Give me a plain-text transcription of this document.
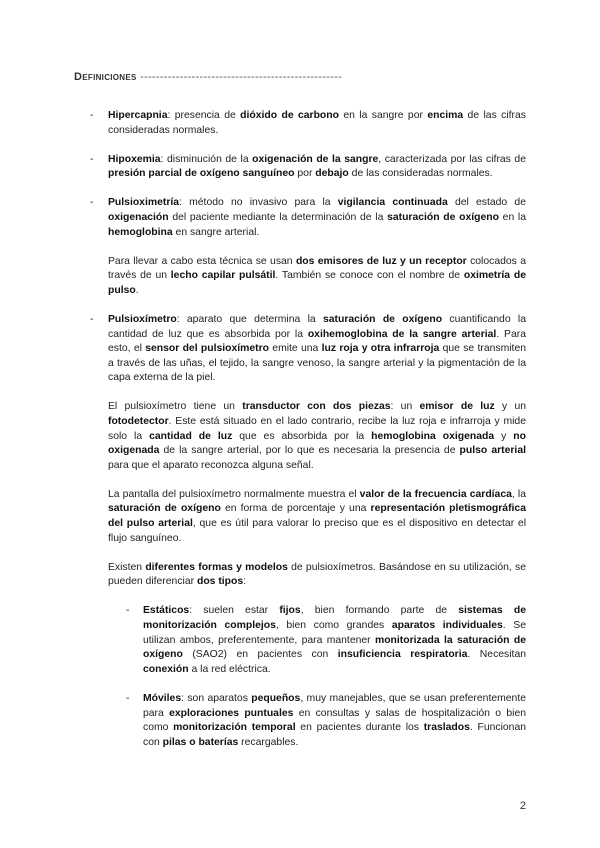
Definiciones ---------------------------------------------------

- Hipercapnia: presencia de dióxido de carbono en la sangre por encima de las cifras consideradas normales.

- Hipoxemia: disminución de la oxigenación de la sangre, caracterizada por las cifras de presión parcial de oxígeno sanguíneo por debajo de las consideradas normales.

- Pulsioximetría: método no invasivo para la vigilancia continuada del estado de oxigenación del paciente mediante la determinación de la saturación de oxígeno en la hemoglobina en sangre arterial.

Para llevar a cabo esta técnica se usan dos emisores de luz y un receptor colocados a través de un lecho capilar pulsátil. También se conoce con el nombre de oximetría de pulso.

- Pulsioxímetro: aparato que determina la saturación de oxígeno cuantificando la cantidad de luz que es absorbida por la oxihemoglobina de la sangre arterial. Para esto, el sensor del pulsioxímetro emite una luz roja y otra infrarroja que se transmiten a través de las uñas, el tejido, la sangre venoso, la sangre arterial y la pigmentación de la capa externa de la piel.

El pulsioxímetro tiene un transductor con dos piezas: un emisor de luz y un fotodetector. Este está situado en el lado contrario, recibe la luz roja e infrarroja y mide solo la cantidad de luz que es absorbida por la hemoglobina oxigenada y no oxigenada de la sangre arterial, por lo que es necesaria la presencia de pulso arterial para que el aparato reconozca alguna señal.

La pantalla del pulsioxímetro normalmente muestra el valor de la frecuencia cardíaca, la saturación de oxígeno en forma de porcentaje y una representación pletismográfica del pulso arterial, que es útil para valorar lo preciso que es el dispositivo en detectar el flujo sanguíneo.

Existen diferentes formas y modelos de pulsioxímetros. Basándose en su utilización, se pueden diferenciar dos tipos:

- Estáticos: suelen estar fijos, bien formando parte de sistemas de monitorización complejos, bien como grandes aparatos individuales. Se utilizan ambos, preferentemente, para mantener monitorizada la saturación de oxígeno (SAO2) en pacientes con insuficiencia respiratoria. Necesitan conexión a la red eléctrica.

- Móviles: son aparatos pequeños, muy manejables, que se usan preferentemente para exploraciones puntuales en consultas y salas de hospitalización o bien como monitorización temporal en pacientes durante los traslados. Funcionan con pilas o baterías recargables.

2
